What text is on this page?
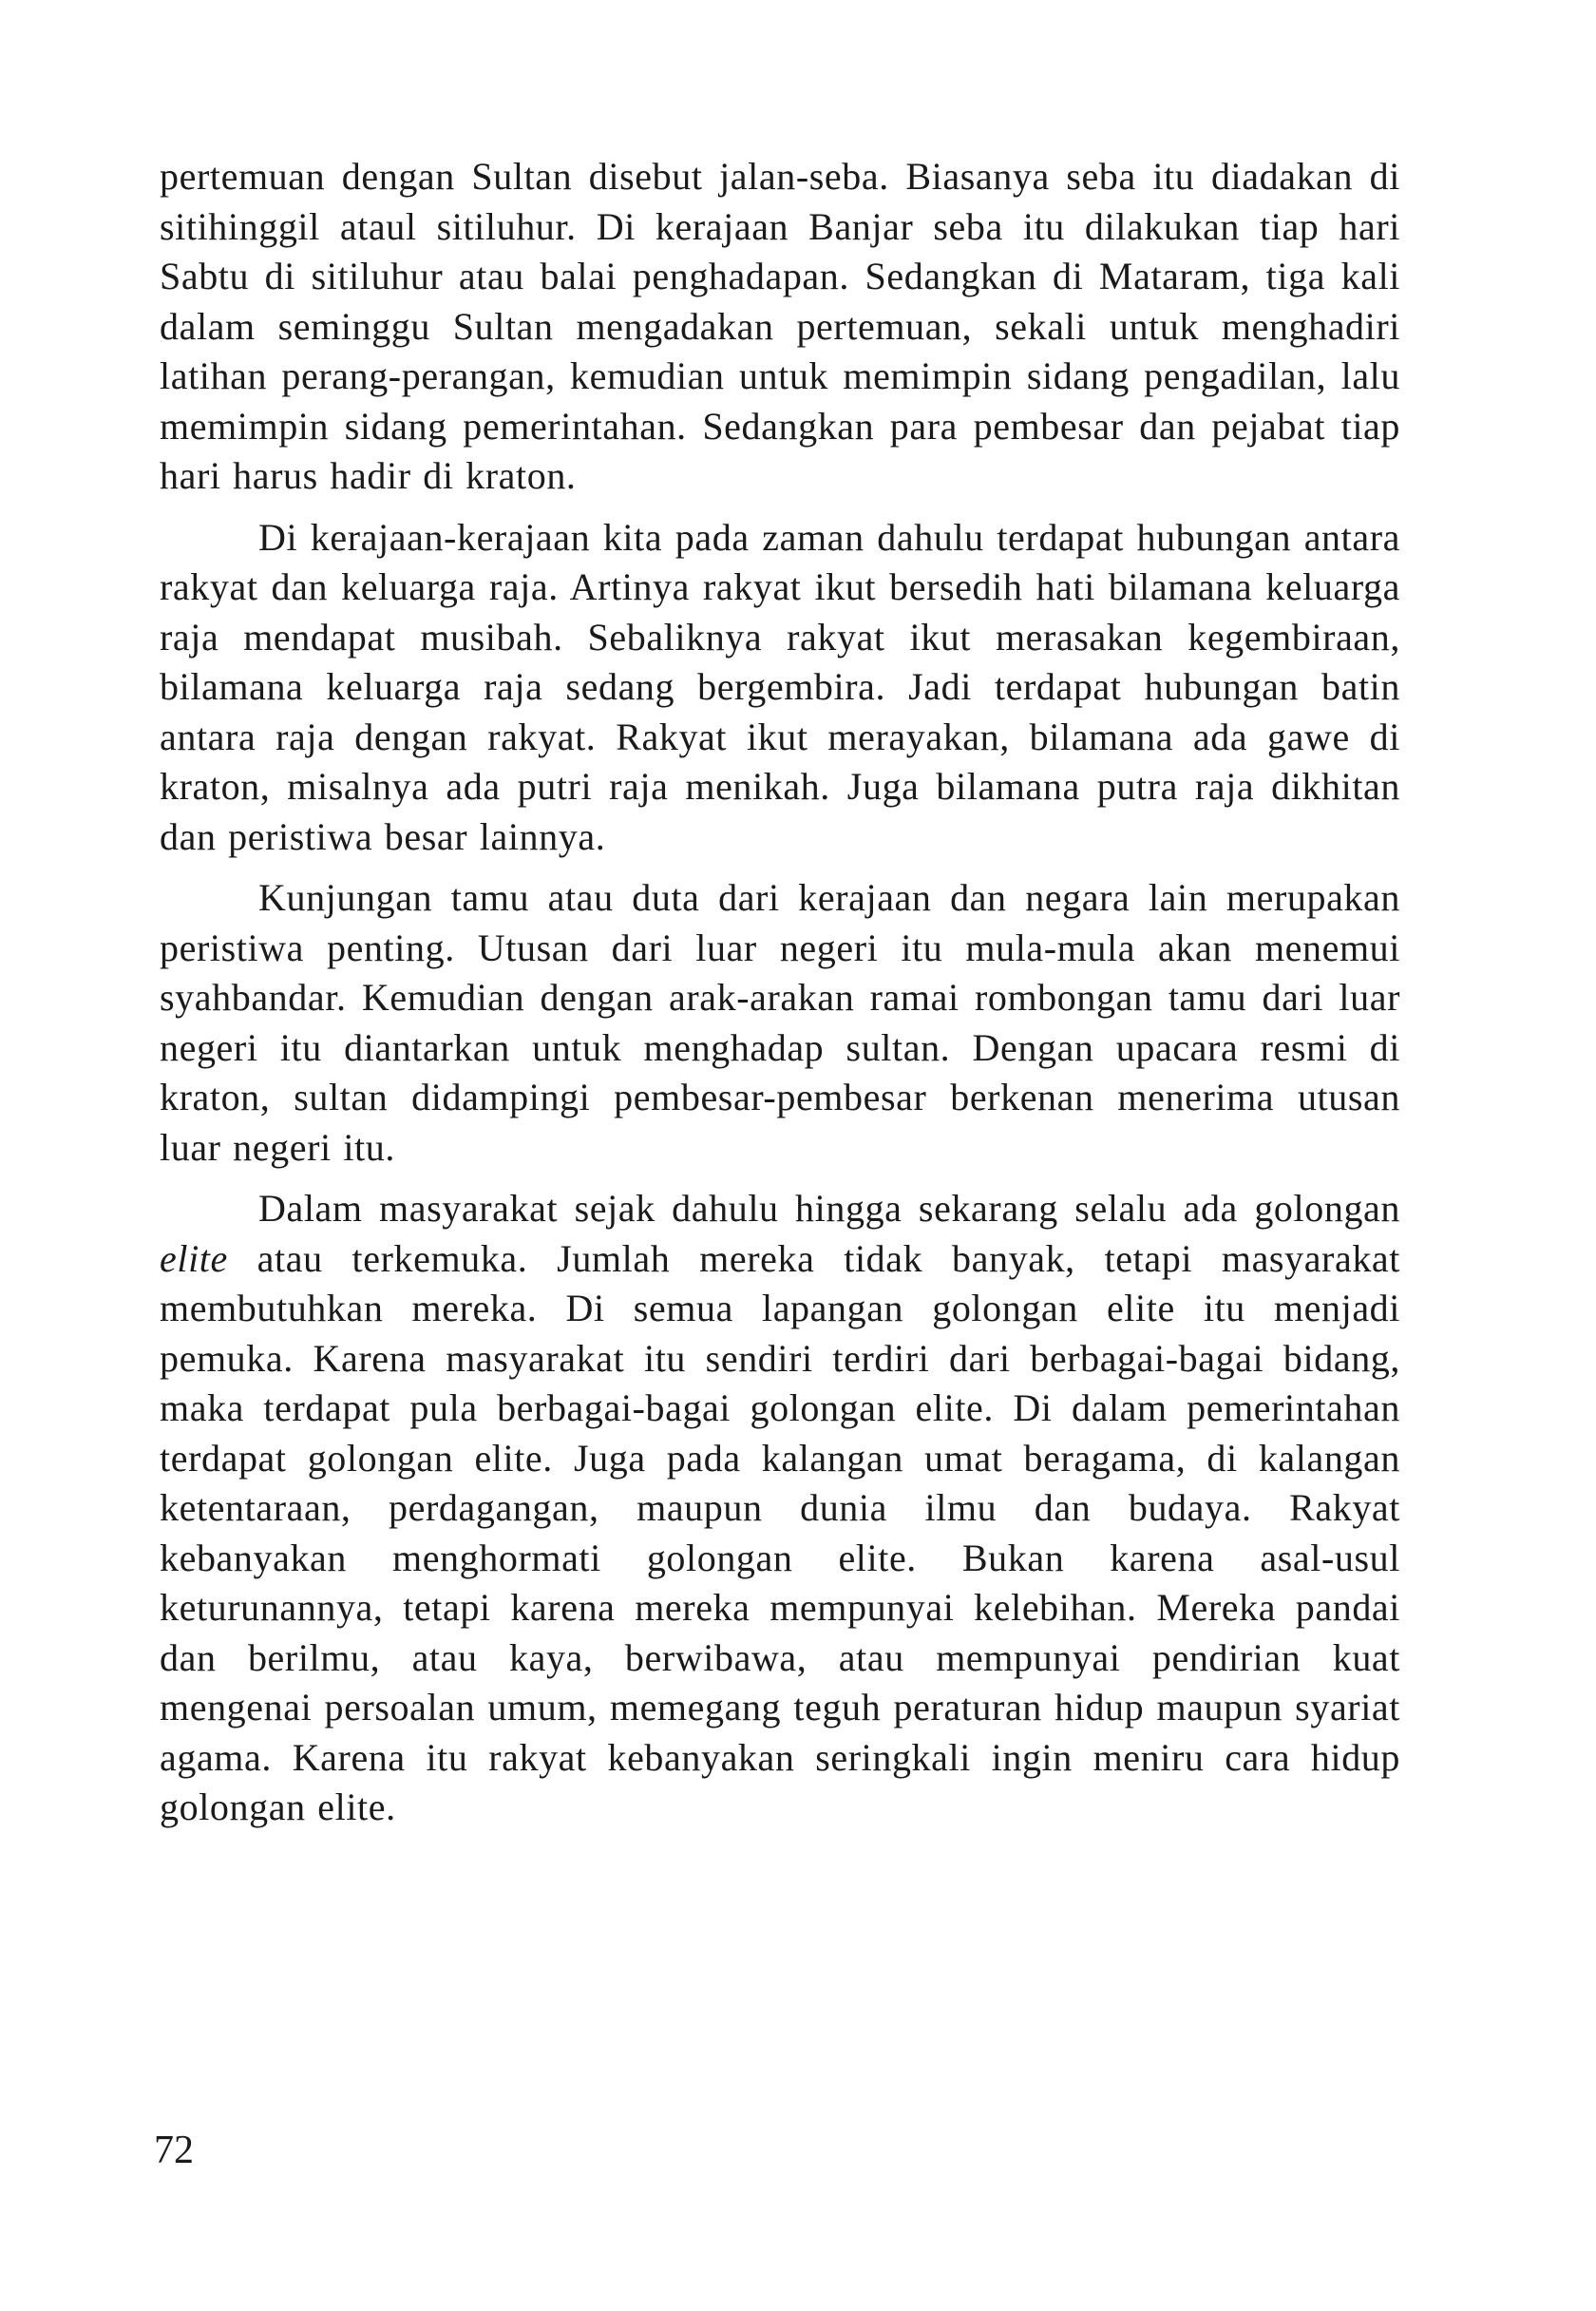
pertemuan dengan Sultan disebut jalan-seba. Biasanya seba itu diadakan di sitihinggil ataul sitiluhur. Di kerajaan Banjar seba itu dilakukan tiap hari Sabtu di sitiluhur atau balai penghadapan. Sedangkan di Mataram, tiga kali dalam seminggu Sultan mengadakan pertemuan, sekali untuk menghadiri latihan perang-perangan, kemudian untuk memimpin sidang pengadilan, lalu memimpin sidang pemerintahan. Sedangkan para pembesar dan pejabat tiap hari harus hadir di kraton.

Di kerajaan-kerajaan kita pada zaman dahulu terdapat hubungan antara rakyat dan keluarga raja. Artinya rakyat ikut bersedih hati bilamana keluarga raja mendapat musibah. Sebaliknya rakyat ikut merasakan kegembiraan, bilamana keluarga raja sedang bergembira. Jadi terdapat hubungan batin antara raja dengan rakyat. Rakyat ikut merayakan, bilamana ada gawe di kraton, misalnya ada putri raja menikah. Juga bilamana putra raja dikhitan dan peristiwa besar lainnya.

Kunjungan tamu atau duta dari kerajaan dan negara lain merupakan peristiwa penting. Utusan dari luar negeri itu mula-mula akan menemui syahbandar. Kemudian dengan arak-arakan ramai rombongan tamu dari luar negeri itu diantarkan untuk menghadap sultan. Dengan upacara resmi di kraton, sultan didampingi pembesar-pembesar berkenan menerima utusan luar negeri itu.

Dalam masyarakat sejak dahulu hingga sekarang selalu ada golongan elite atau terkemuka. Jumlah mereka tidak banyak, tetapi masyarakat membutuhkan mereka. Di semua lapangan golongan elite itu menjadi pemuka. Karena masyarakat itu sendiri terdiri dari berbagai-bagai bidang, maka terdapat pula berbagai-bagai golongan elite. Di dalam pemerintahan terdapat golongan elite. Juga pada kalangan umat beragama, di kalangan ketentaraan, perdagangan, maupun dunia ilmu dan budaya. Rakyat kebanyakan menghormati golongan elite. Bukan karena asal-usul keturunannya, tetapi karena mereka mempunyai kelebihan. Mereka pandai dan berilmu, atau kaya, berwibawa, atau mempunyai pendirian kuat mengenai persoalan umum, memegang teguh peraturan hidup maupun syariat agama. Karena itu rakyat kebanyakan seringkali ingin meniru cara hidup golongan elite.

72
